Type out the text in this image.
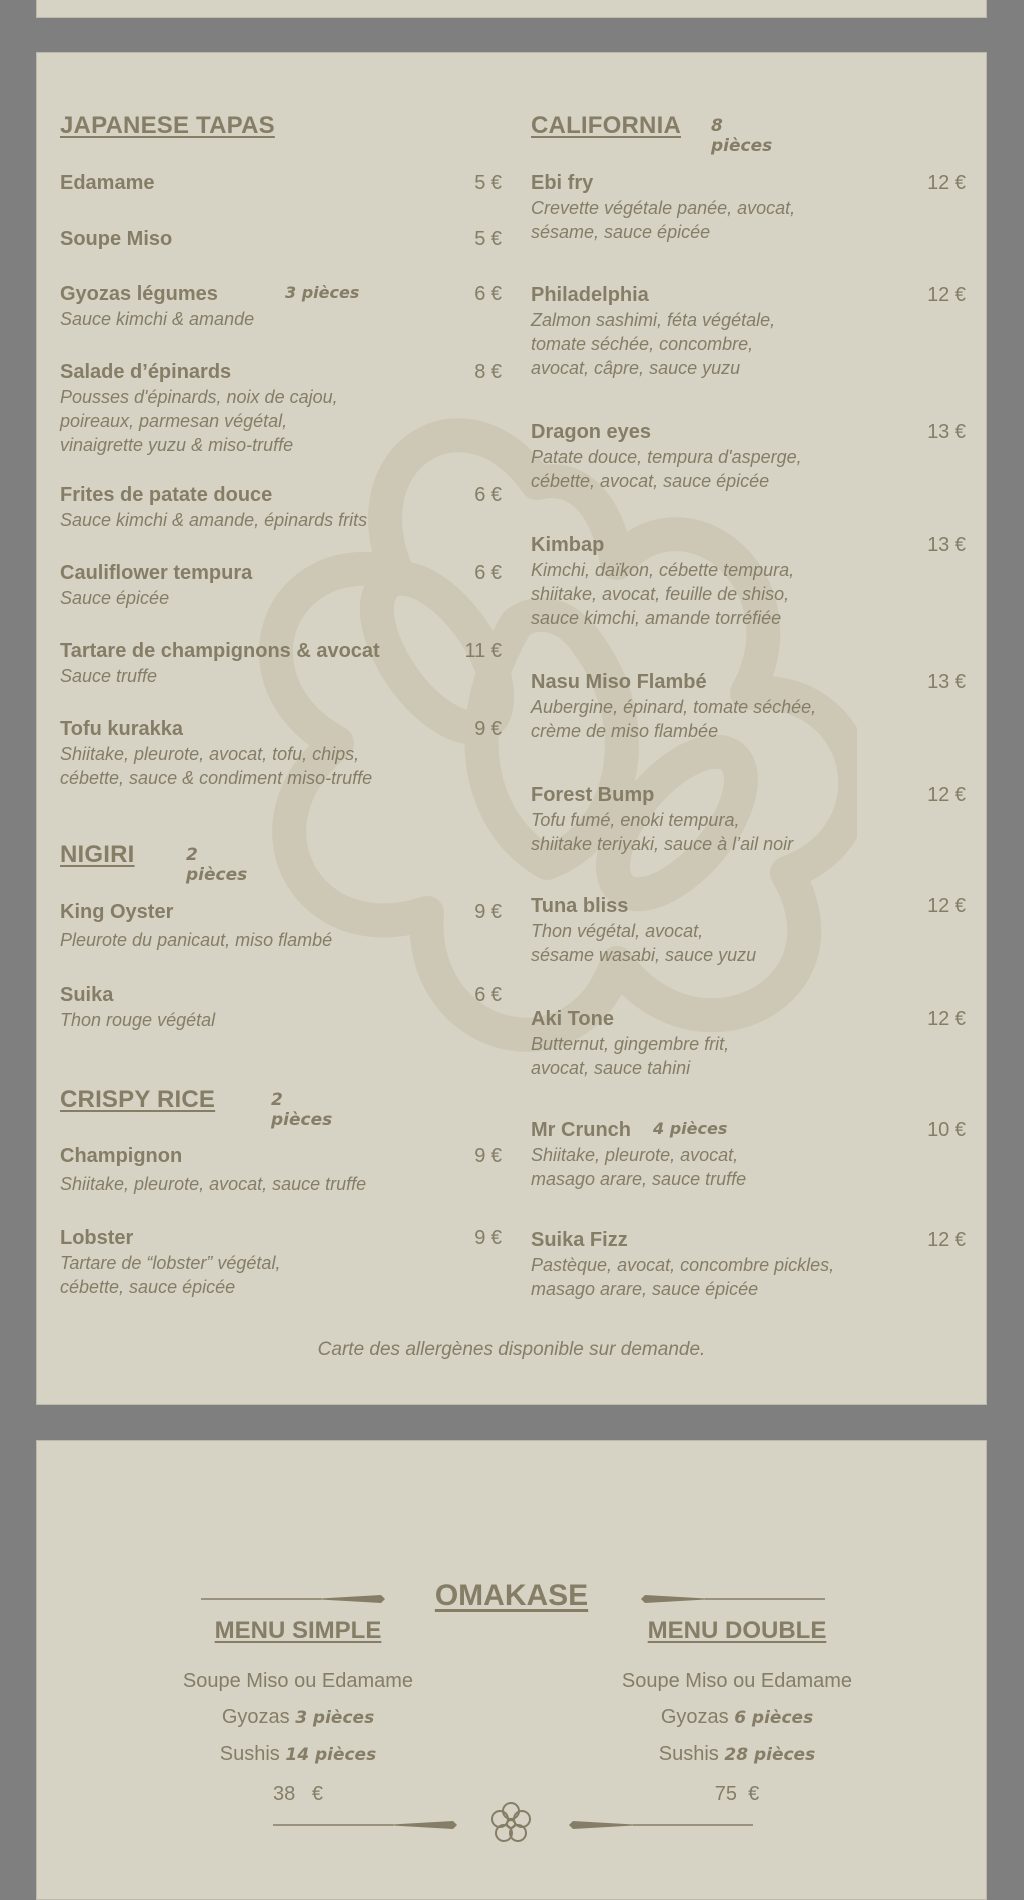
JAPANESE TAPAS
Edamame	5 €
Soupe Miso	5 €
Gyozas légumes	3 pièces	6 €
Sauce kimchi & amande
Salade d’épinards	8 €
Pousses d'épinards, noix de cajou,
poireaux, parmesan végétal,
vinaigrette yuzu & miso-truffe
Frites de patate douce	6 €
Sauce kimchi & amande, épinards frits
Cauliflower tempura	6 €
Sauce épicée
Tartare de champignons & avocat	11 €
Sauce truffe
Tofu kurakka	9 €
Shiitake, pleurote, avocat, tofu, chips,
cébette, sauce & condiment miso-truffe
NIGIRI	2 pièces
King Oyster	9 €
Pleurote du panicaut, miso flambé
Suika	6 €
Thon rouge végétal
CRISPY RICE	2 pièces
Champignon	9 €
Shiitake, pleurote, avocat, sauce truffe
Lobster	9 €
Tartare de “lobster” végétal,
cébette, sauce épicée
CALIFORNIA 8 pièces
Ebi fry	12 €
Crevette végétale panée, avocat,
sésame, sauce épicée
Philadelphia	12 €
Zalmon sashimi, féta végétale,
tomate séchée, concombre,
avocat, câpre, sauce yuzu
Dragon eyes	13 €
Patate douce, tempura d'asperge,
cébette, avocat, sauce épicée
Kimbap	13 €
Kimchi, daïkon, cébette tempura,
shiitake, avocat, feuille de shiso,
sauce kimchi, amande torréfiée
Nasu Miso Flambé	13 €
Aubergine, épinard, tomate séchée,
crème de miso flambée
Forest Bump	12 €
Tofu fumé, enoki tempura,
shiitake teriyaki, sauce à l’ail noir
Tuna bliss	12 €
Thon végétal, avocat,
sésame wasabi, sauce yuzu
Aki Tone	12 €
Butternut, gingembre frit,
avocat, sauce tahini
Mr Crunch	4 pièces	10 €
Shiitake, pleurote, avocat,
masago arare, sauce truffe
Suika Fizz	12 €
Pastèque, avocat, concombre pickles,
masago arare, sauce épicée
Carte des allergènes disponible sur demande.
OMAKASE
MENU SIMPLE
Soupe Miso ou Edamame
Gyozas 3 pièces
Sushis 14 pièces
38   €
MENU DOUBLE
Soupe Miso ou Edamame
Gyozas 6 pièces
Sushis 28 pièces
75  €
